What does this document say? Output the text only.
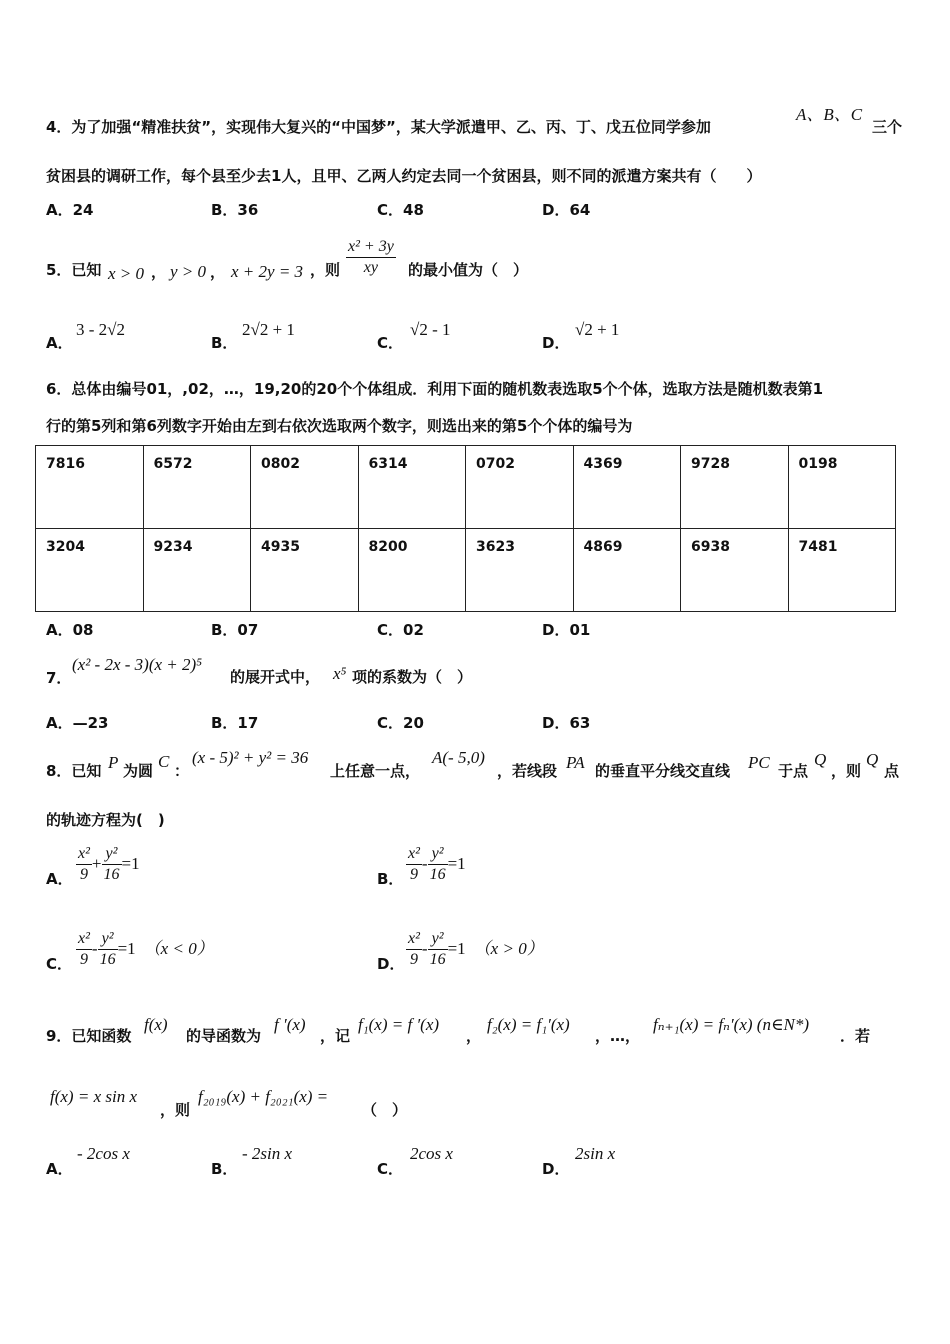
4．为了加强“精准扶贫”，实现伟大复兴的“中国梦”，某大学派遣甲、乙、丙、丁、戊五位同学参加
A、B、C
三个
贫困县的调研工作，每个县至少去1人，且甲、乙两人约定去同一个贫困县，则不同的派遣方案共有（　　）
A．24	B．36	C．48	D．64
5．已知 x > 0 ， y > 0 ， x + 2y = 3 ，则 $\frac{\text{x² + 3y}}{xy}$ 的最小值为（　）
A．
3 - 2√2
B．
2√2 + 1
C．
√2 - 1
D．
√2 + 1
6．总体由编号01，,02，…，19,20的20个个体组成．利用下面的随机数表选取5个个体，选取方法是随机数表第1
行的第5列和第6列数字开始由左到右依次选取两个数字，则选出来的第5个个体的编号为
7816	6572	0802	6314	0702	4369	9728	0198
3204	9234	4935	8200	3623	4869	6938	7481
A．08	B．07	C．02	D．01
7．
(x² - 2x - 3)(x + 2)⁵
的展开式中， x⁵ 项的系数为（　）
A．—23	B．17	C．20	D．63
8．已知 P 为圆 C ：
(x - 5)² + y² = 36
上任意一点，
A(- 5,0)
，若线段 PA 的垂直平分线交直线 PC 于点
Q
，则
Q
点
的轨迹方程为(　)
A． $\frac{\text{x²}}{9} + \frac{\text{y²}}{16} =1$
B． $\frac{\text{x²}}{9} - \frac{\text{y²}}{16} =1$
C． $\frac{\text{x²}}{9} - \frac{\text{y²}}{16} =1$ （x < 0）
D． $\frac{\text{x²}}{9} - \frac{\text{y²}}{16} =1$ （x > 0）
9．已知函数
f(x)
的导函数为
f ′(x)
，记
f₁(x) = f ′(x)
，
f₂(x) = f₁′(x)
，…，
fₙ₊₁(x) = fₙ′(x) (n∈N*)
．若
f(x) = x sin x
，则
f₂₀₁₉(x) + f₂₀₂₁(x) =
（　）
A．
- 2cos x
B．
- 2sin x
C．
2cos x
D．
2sin x
